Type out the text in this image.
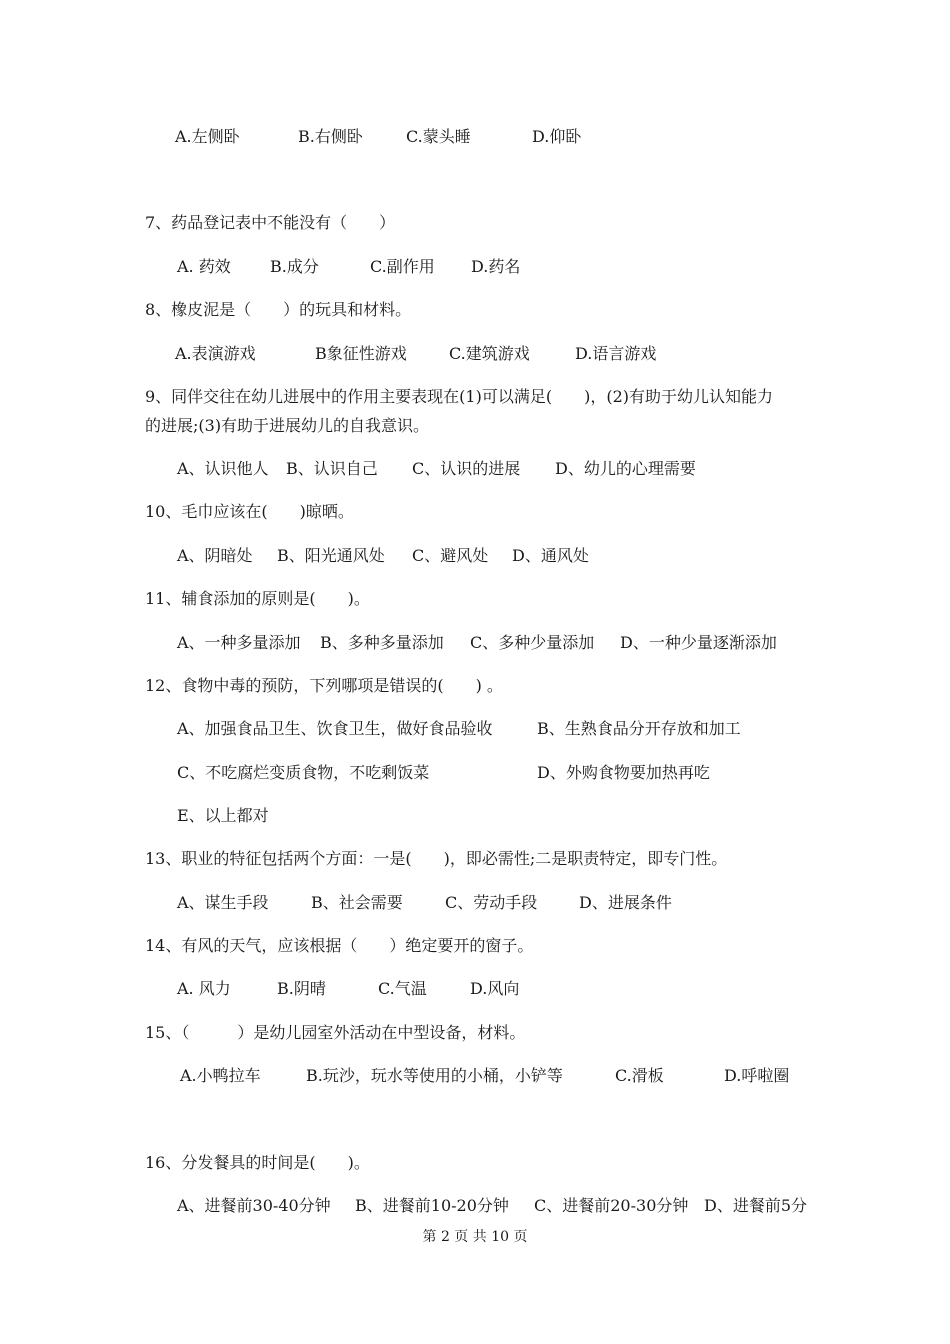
A.左侧卧	B.右侧卧	C.蒙头睡	D.仰卧
7、药品登记表中不能没有（　　）
A. 药效 B.成分	C.副作用 D.药名
8、橡皮泥是（　　）的玩具和材料。
A.表演游戏	B象征性游戏	C.建筑游戏	D.语言游戏
9、同伴交往在幼儿进展中的作用主要表现在(1)可以满足(　　)，(2)有助于幼儿认知能力
的进展;(3)有助于进展幼儿的自我意识。
A、认识他人 B、认识自己 C、认识的进展 D、幼儿的心理需要
10、毛巾应该在(　　)晾晒。
A、阴暗处 B、阳光通风处 C、避风处 D、通风处
11、辅食添加的原则是(　　)。
A、一种多量添加 B、多种多量添加 C、多种少量添加 D、一种少量逐渐添加
12、食物中毒的预防，下列哪项是错误的(　　) 。
A、加强食品卫生、饮食卫生，做好食品验收	B、生熟食品分开存放和加工
C、不吃腐烂变质食物，不吃剩饭菜	D、外购食物要加热再吃
E、以上都对
13、职业的特征包括两个方面：一是(　　)，即必需性;二是职责特定，即专门性。
A、谋生手段	B、社会需要	C、劳动手段	D、进展条件
14、有风的天气，应该根据（　　）绝定要开的窗子。
A. 风力	B.阴晴	C.气温	D.风向
15、（　　　）是幼儿园室外活动在中型设备，材料。
A.小鸭拉车	B.玩沙，玩水等使用的小桶，小铲等	C.滑板	D.呼啦圈
16、分发餐具的时间是(　　)。
A、进餐前30-40分钟 B、进餐前10-20分钟 C、进餐前20-30分钟 D、进餐前5分
第 2 页 共 10 页
